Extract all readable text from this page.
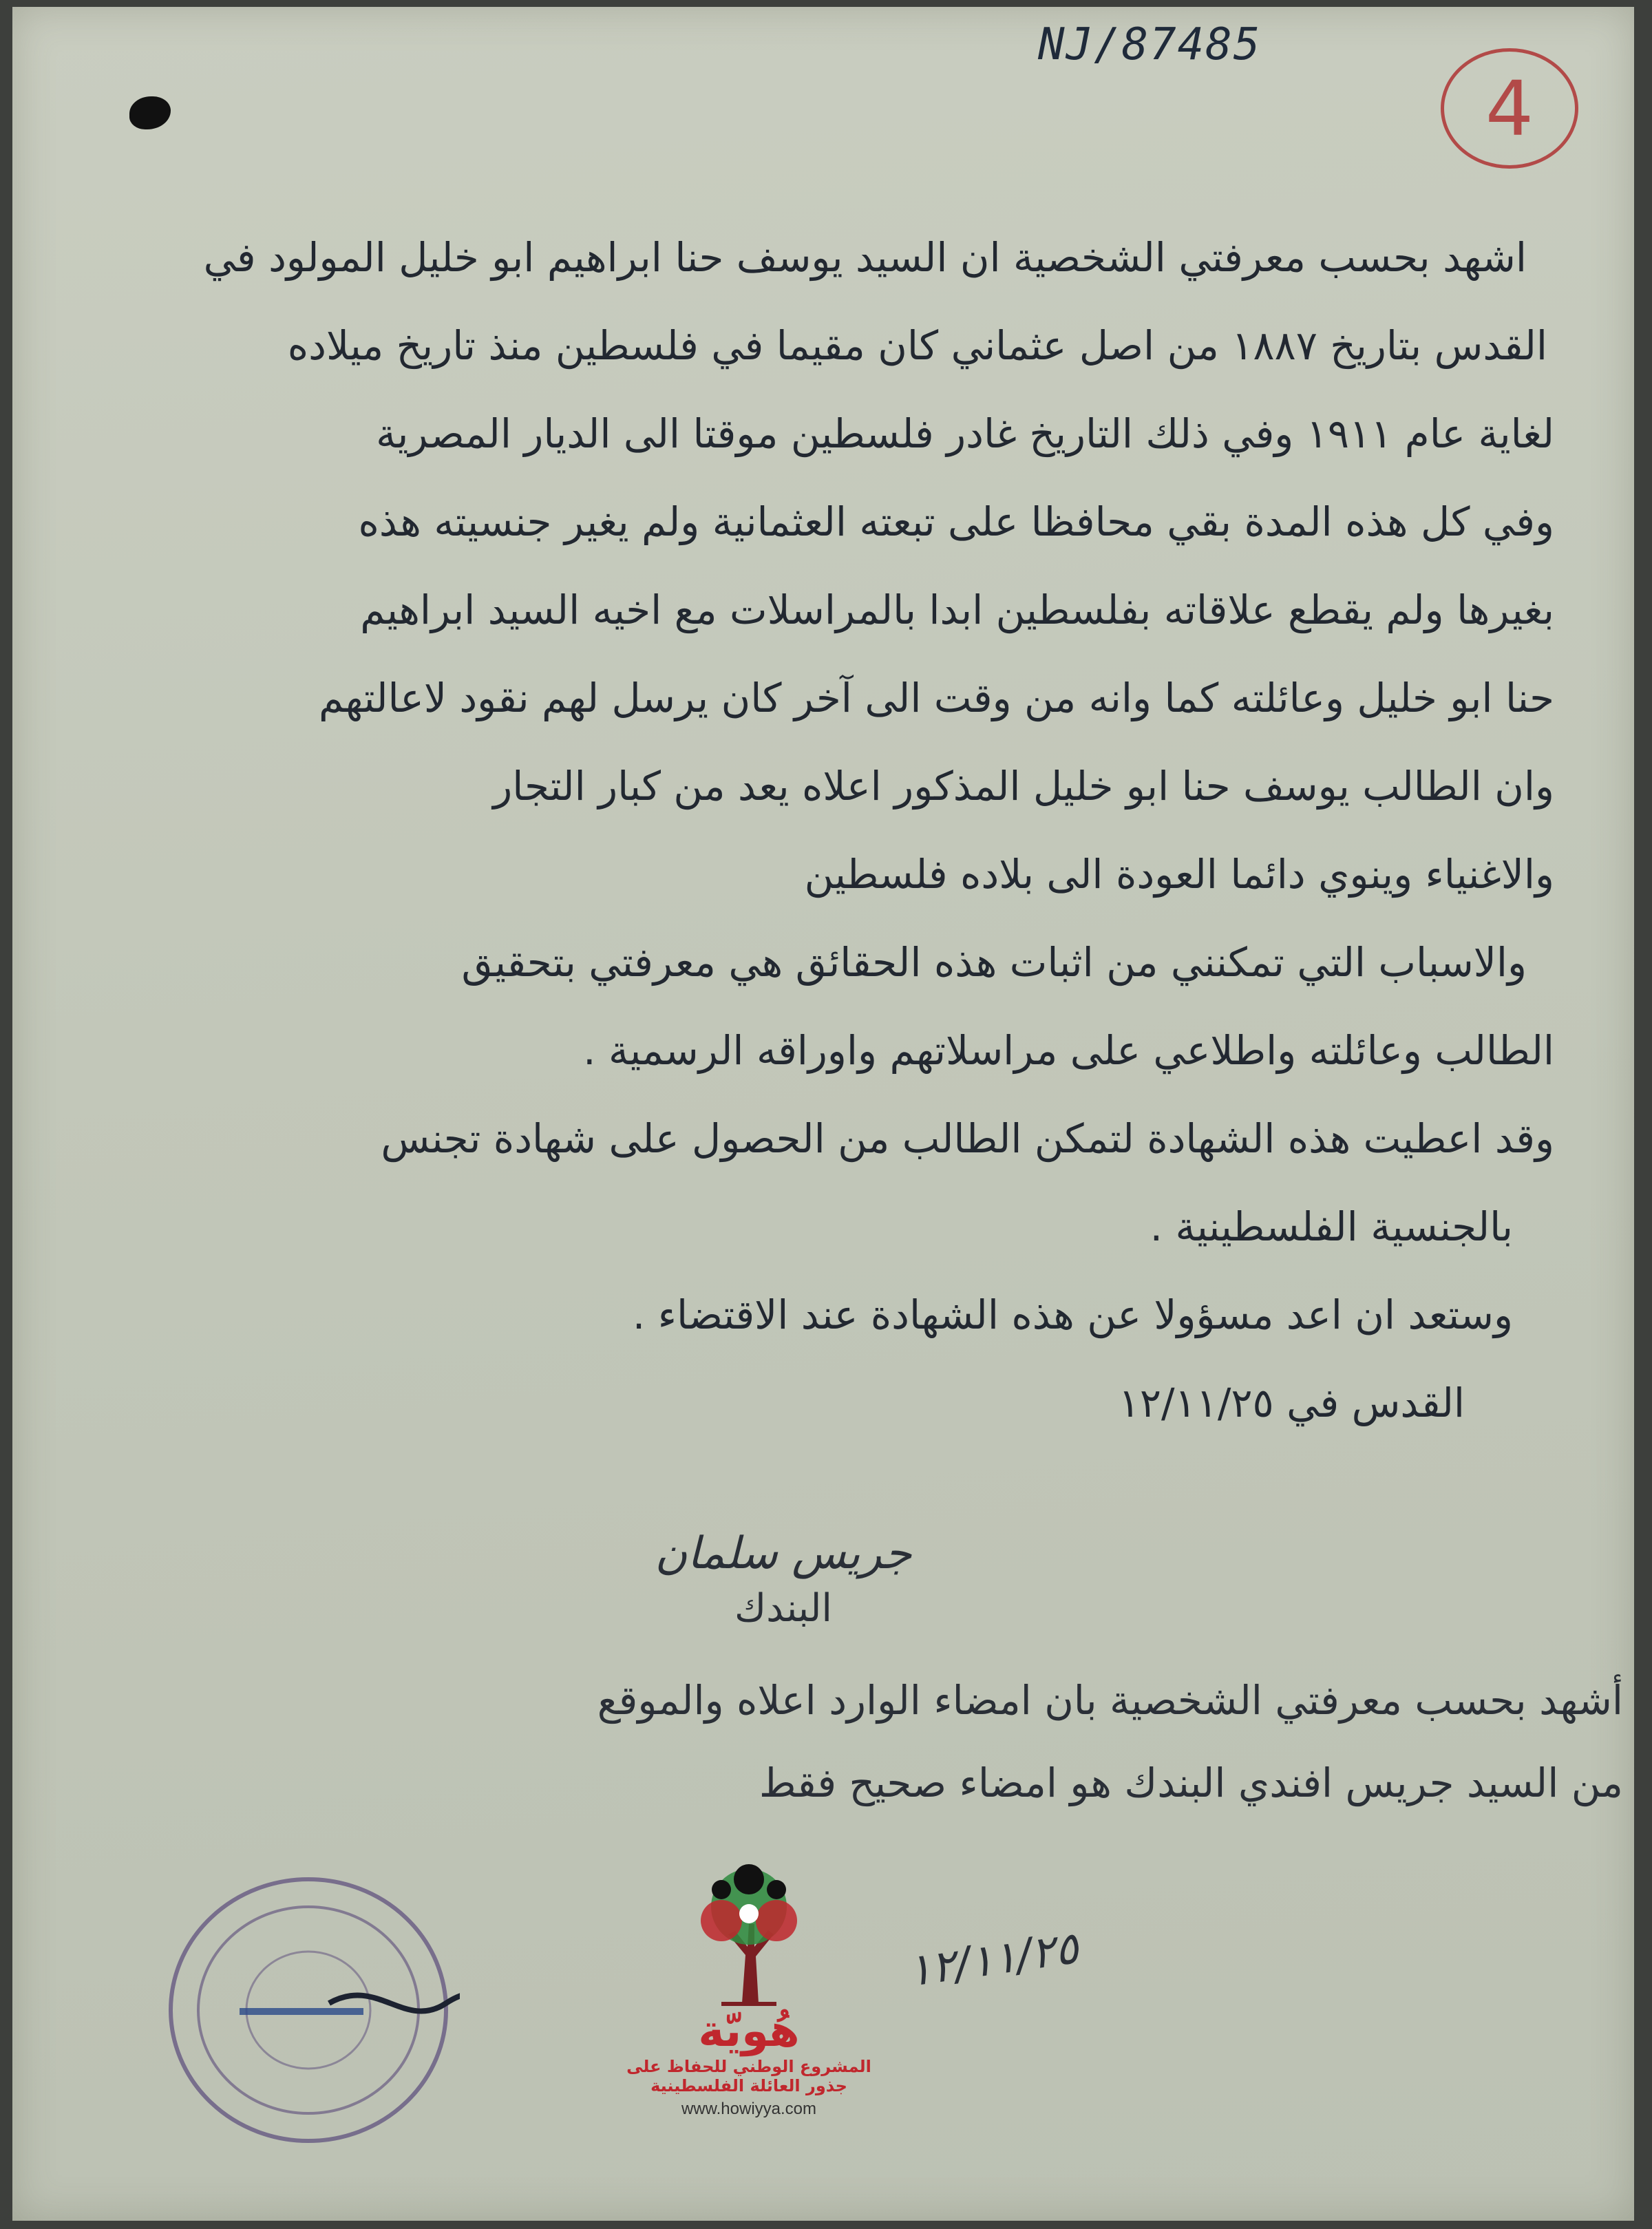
NJ/87485
4
اشهد بحسب معرفتي الشخصية ان السيد يوسف حنا ابراهيم ابو خليل المولود في
القدس بتاريخ ١٨٨٧ من اصل عثماني كان مقيما في فلسطين منذ تاريخ ميلاده
لغاية عام ١٩١١ وفي ذلك التاريخ غادر فلسطين موقتا الى الديار المصرية
وفي كل هذه المدة بقي محافظا على تبعته العثمانية ولم يغير جنسيته هذه
بغيرها ولم يقطع علاقاته بفلسطين ابدا بالمراسلات مع اخيه السيد ابراهيم
حنا ابو خليل وعائلته كما وانه من وقت الى آخر كان يرسل لهم نقود لاعالتهم
وان الطالب يوسف حنا ابو خليل المذكور اعلاه يعد من كبار التجار
والاغنياء وينوي دائما العودة الى بلاده فلسطين
والاسباب التي تمكنني من اثبات هذه الحقائق هي معرفتي بتحقيق
الطالب وعائلته واطلاعي على مراسلاتهم واوراقه الرسمية .
وقد اعطيت هذه الشهادة لتمكن الطالب من الحصول على شهادة تجنس
بالجنسية الفلسطينية .
وستعد ان اعد مسؤولا عن هذه الشهادة عند الاقتضاء .
القدس في ١٢/١١/٢٥
جريس سلمان
البندك
أشهد بحسب معرفتي الشخصية بان امضاء الوارد اعلاه والموقع
من السيد جريس افندي البندك هو امضاء صحيح فقط
١٢/١١/٢٥
هُويّة
المشروع الوطني للحفاظ على
جذور العائلة الفلسطينية
www.howiyya.com
